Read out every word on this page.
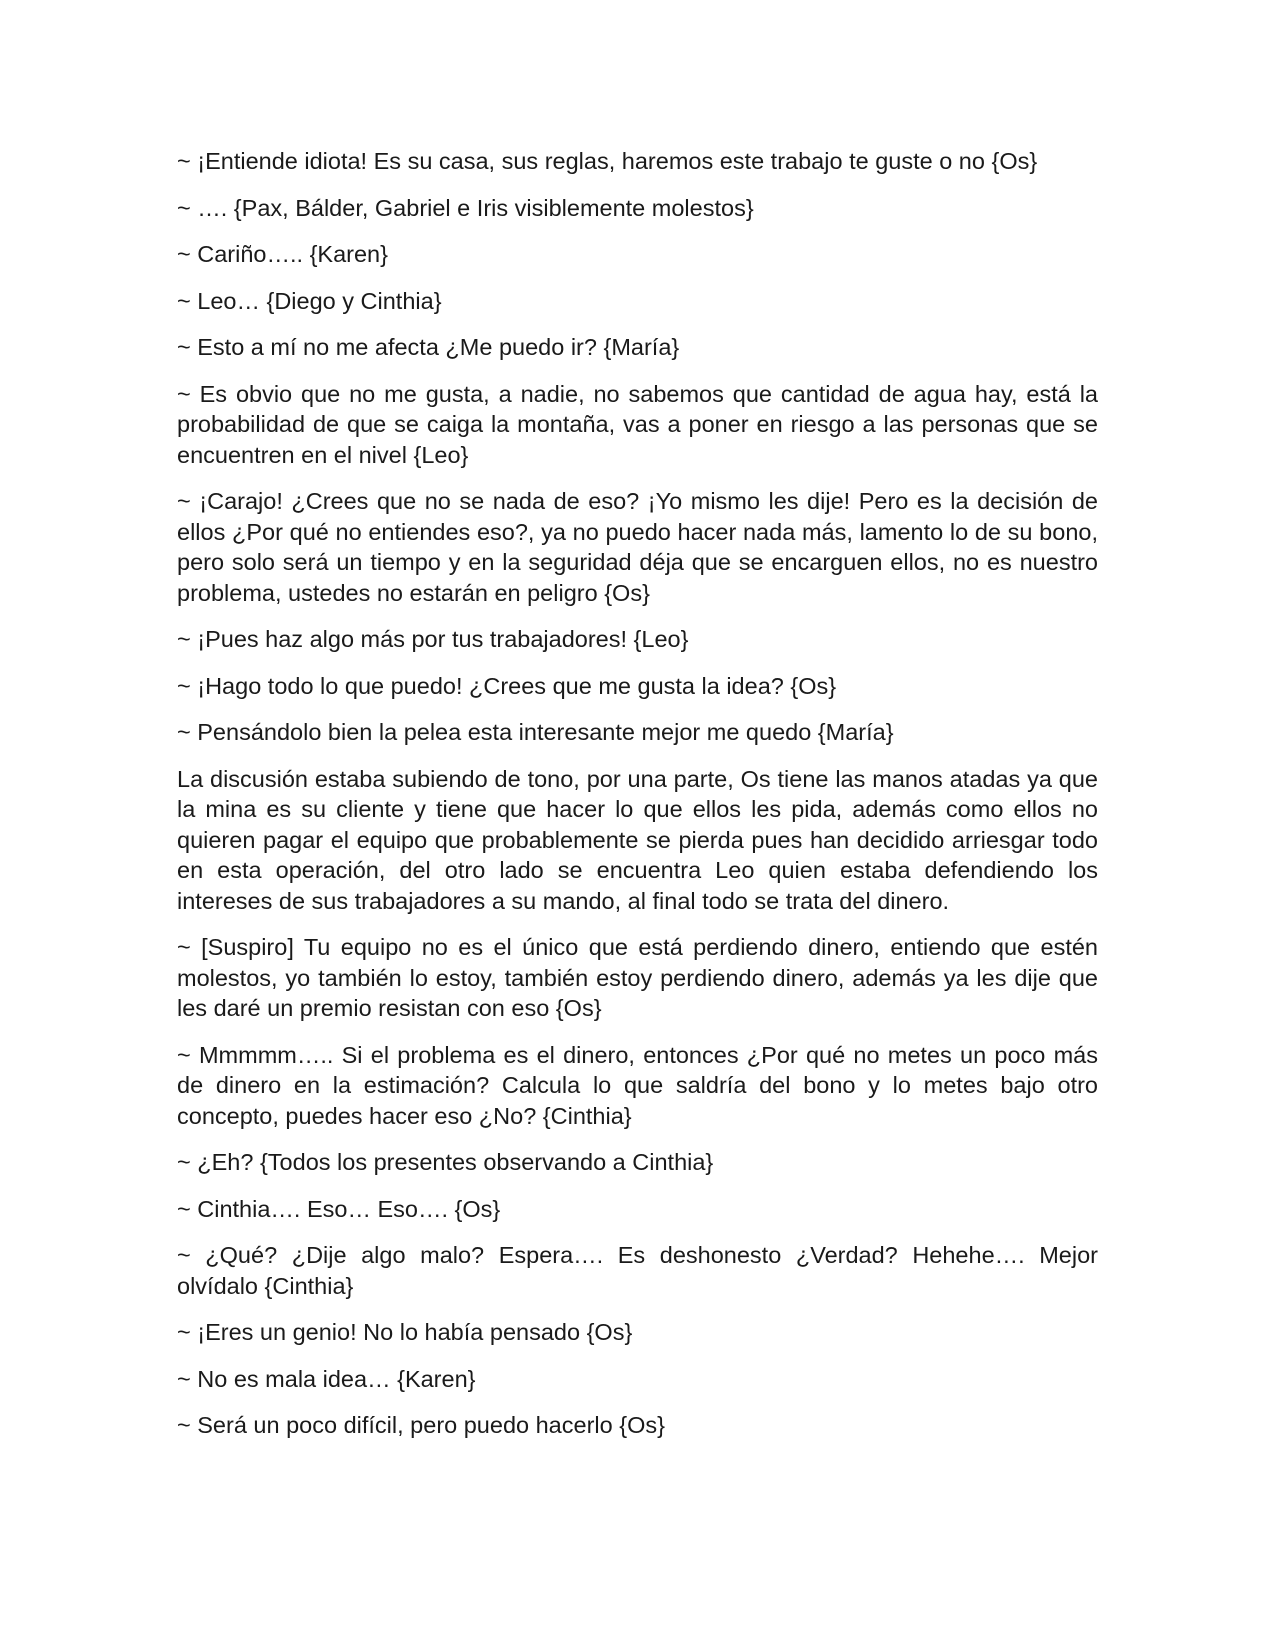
~ ¡Entiende idiota! Es su casa, sus reglas, haremos este trabajo te guste o no {Os}

~ …. {Pax, Bálder, Gabriel e Iris visiblemente molestos}

~ Cariño….. {Karen}

~ Leo… {Diego y Cinthia}

~ Esto a mí no me afecta ¿Me puedo ir? {María}

~ Es obvio que no me gusta, a nadie, no sabemos que cantidad de agua hay, está la probabilidad de que se caiga la montaña, vas a poner en riesgo a las personas que se encuentren en el nivel {Leo}

~ ¡Carajo! ¿Crees que no se nada de eso? ¡Yo mismo les dije! Pero es la decisión de ellos ¿Por qué no entiendes eso?, ya no puedo hacer nada más, lamento lo de su bono, pero solo será un tiempo y en la seguridad déja que se encarguen ellos, no es nuestro problema, ustedes no estarán en peligro {Os}

~ ¡Pues haz algo más por tus trabajadores! {Leo}

~ ¡Hago todo lo que puedo! ¿Crees que me gusta la idea? {Os}

~ Pensándolo bien la pelea esta interesante mejor me quedo {María}

La discusión estaba subiendo de tono, por una parte, Os tiene las manos atadas ya que la mina es su cliente y tiene que hacer lo que ellos les pida, además como ellos no quieren pagar el equipo que probablemente se pierda pues han decidido arriesgar todo en esta operación, del otro lado se encuentra Leo quien estaba defendiendo los intereses de sus trabajadores a su mando, al final todo se trata del dinero.

~ [Suspiro] Tu equipo no es el único que está perdiendo dinero, entiendo que estén molestos, yo también lo estoy, también estoy perdiendo dinero, además ya les dije que les daré un premio resistan con eso {Os}

~ Mmmmm….. Si el problema es el dinero, entonces ¿Por qué no metes un poco más de dinero en la estimación? Calcula lo que saldría del bono y lo metes bajo otro concepto, puedes hacer eso ¿No? {Cinthia}

~ ¿Eh? {Todos los presentes observando a Cinthia}

~ Cinthia…. Eso… Eso…. {Os}

~ ¿Qué? ¿Dije algo malo? Espera…. Es deshonesto ¿Verdad? Hehehe…. Mejor olvídalo {Cinthia}

~ ¡Eres un genio! No lo había pensado {Os}

~ No es mala idea… {Karen}

~ Será un poco difícil, pero puedo hacerlo {Os}
